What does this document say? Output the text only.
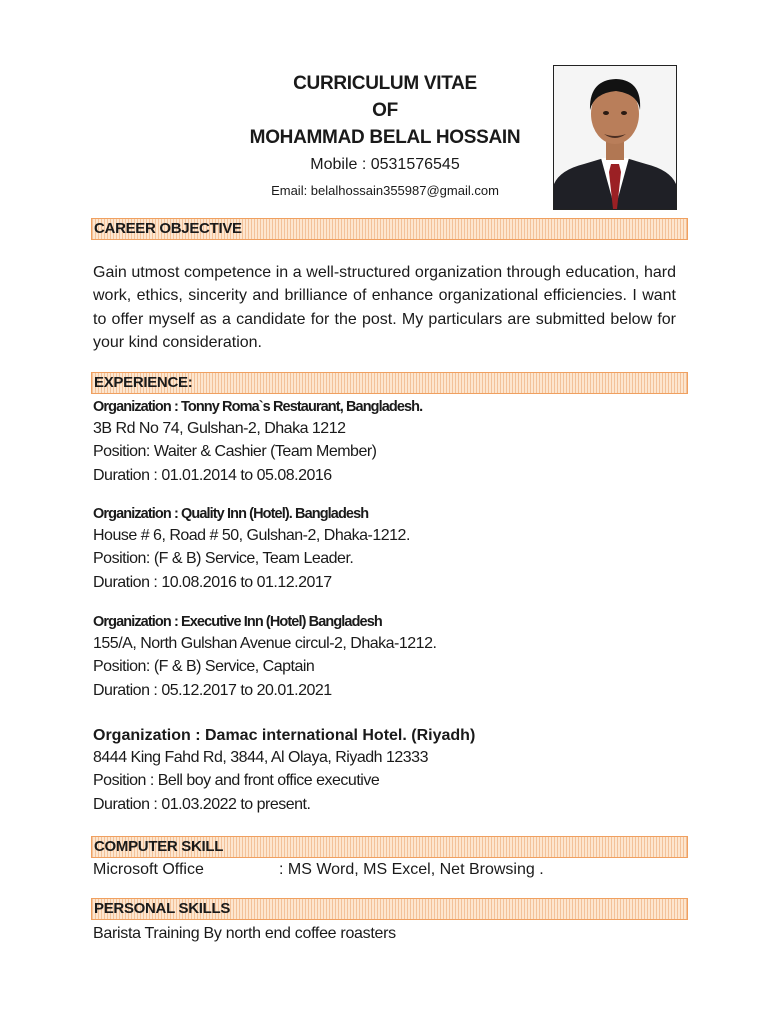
CURRICULUM VITAE
OF
MOHAMMAD BELAL HOSSAIN
Mobile : 0531576545
Email: belalhossain355987@gmail.com
CAREER OBJECTIVE
Gain utmost competence in a well-structured organization through education, hard work, ethics, sincerity and brilliance of enhance organizational efficiencies. I want to offer myself as a candidate for the post. My particulars are submitted below for your kind consideration.
EXPERIENCE:
Organization : Tonny Roma`s Restaurant, Bangladesh.
3B Rd No 74, Gulshan-2, Dhaka 1212
Position: Waiter & Cashier (Team Member)
Duration : 01.01.2014 to 05.08.2016
Organization : Quality Inn (Hotel). Bangladesh
House # 6, Road # 50, Gulshan-2, Dhaka-1212.
Position: (F & B) Service, Team Leader.
Duration : 10.08.2016 to 01.12.2017
Organization : Executive Inn (Hotel) Bangladesh
155/A, North Gulshan Avenue circul-2, Dhaka-1212.
Position: (F & B) Service, Captain
Duration : 05.12.2017 to 20.01.2021
Organization : Damac international Hotel. (Riyadh)
8444 King Fahd Rd, 3844, Al Olaya, Riyadh 12333
Position : Bell boy and front office executive
Duration : 01.03.2022 to present.
COMPUTER SKILL
Microsoft Office	: MS Word, MS Excel, Net Browsing .
PERSONAL SKILLS
Barista Training By north end coffee roasters
